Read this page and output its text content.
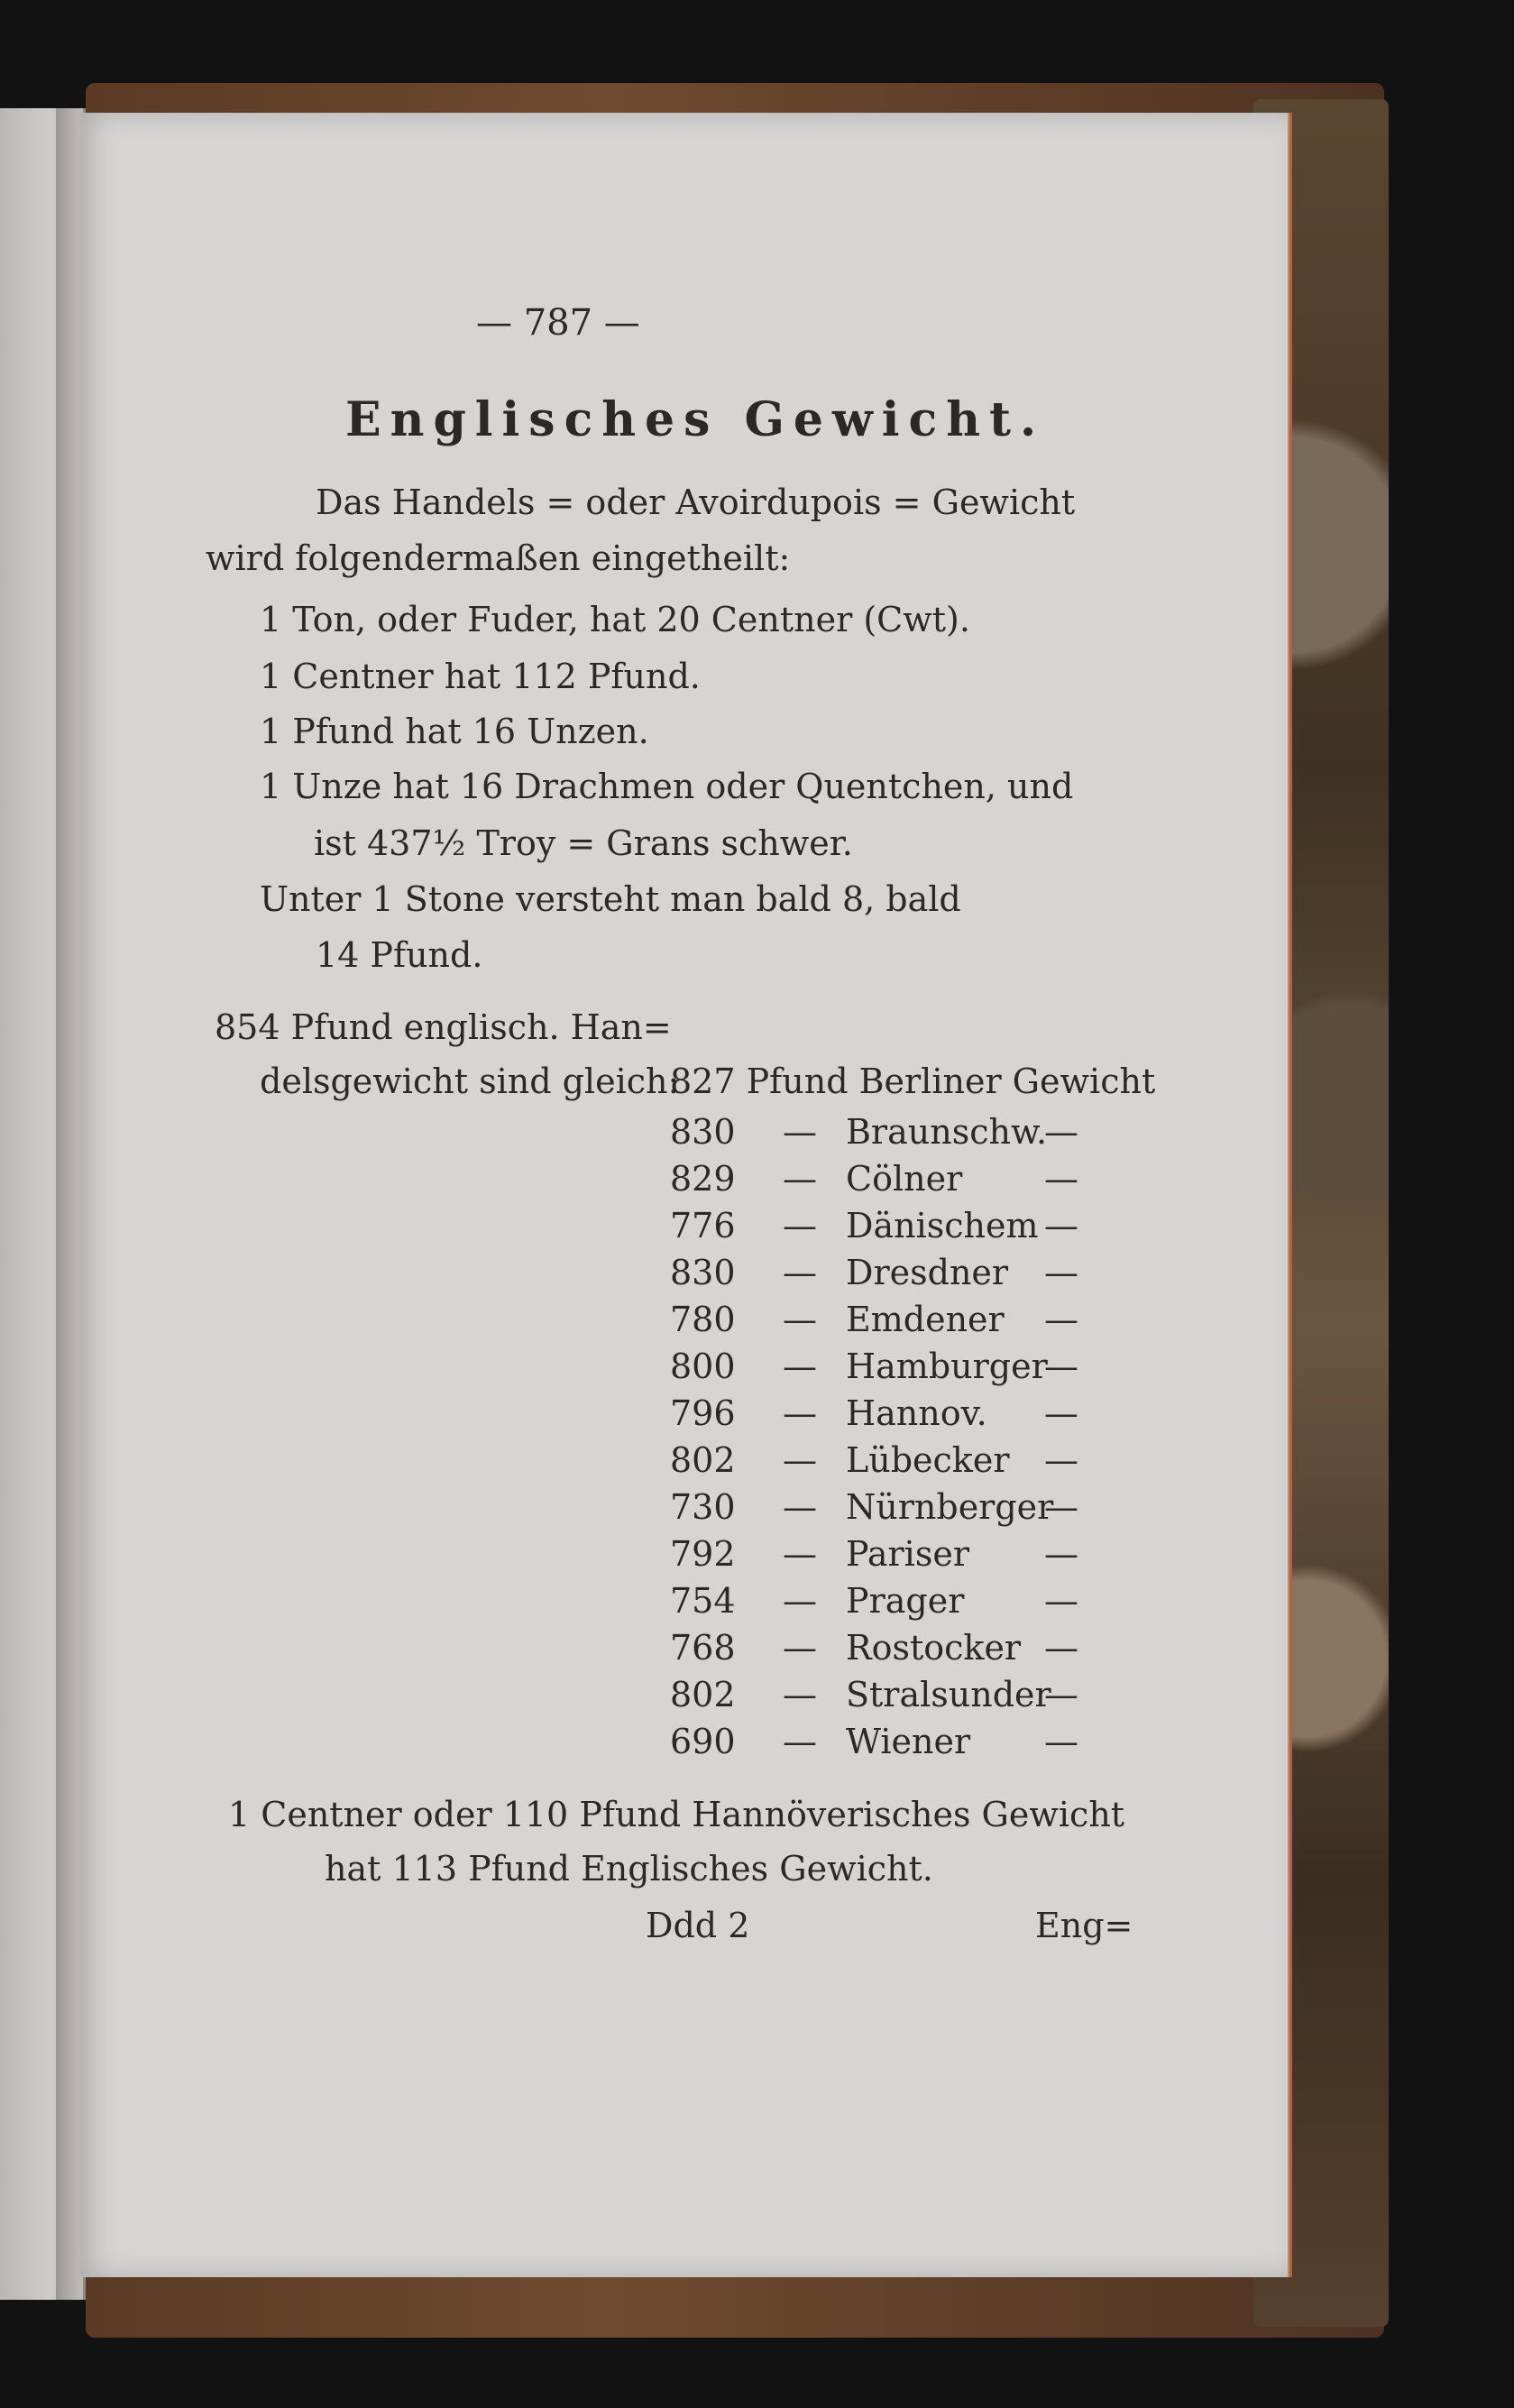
— 787 —
Englisches Gewicht.
Das Handels = oder Avoirdupois = Gewicht
wird folgendermaßen eingetheilt:
1 Ton, oder Fuder, hat 20 Centner (Cwt).
1 Centner hat 112 Pfund.
1 Pfund hat 16 Unzen.
1 Unze hat 16 Drachmen oder Quentchen, und
ist 437½ Troy = Grans schwer.
Unter 1 Stone versteht man bald 8, bald
14 Pfund.
854 Pfund englisch. Han=
delsgewicht sind gleich:
827 Pfund Berliner Gewicht
830 — Braunschw.
—
829 — Cölner —
776 — Dänischem —
830 — Dresdner —
780 — Emdener —
800 — Hamburger
—
796 — Hannov. —
802 — Lübecker —
730 — Nürnberger
—
792 — Pariser —
754 — Prager —
768 — Rostocker —
802 — Stralsunder
—
690 — Wiener —
1 Centner oder 110 Pfund Hannöverisches Gewicht
hat 113 Pfund Englisches Gewicht.
Ddd 2	Eng=
